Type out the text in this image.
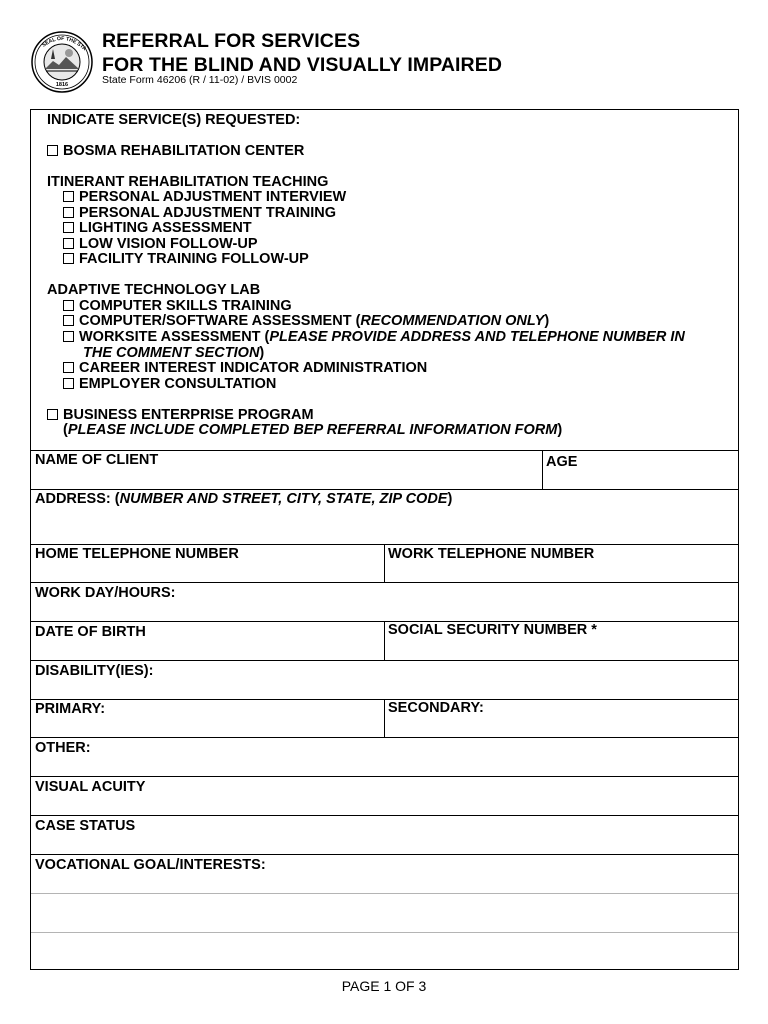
SEAL OF THE STA
1816
REFERRAL FOR SERVICES
FOR THE BLIND AND VISUALLY IMPAIRED
State Form 46206 (R / 11-02) / BVIS 0002
INDICATE SERVICE(S) REQUESTED:
BOSMA REHABILITATION CENTER
ITINERANT REHABILITATION TEACHING
PERSONAL ADJUSTMENT INTERVIEW
PERSONAL ADJUSTMENT TRAINING
LIGHTING ASSESSMENT
LOW VISION FOLLOW-UP
FACILITY TRAINING FOLLOW-UP
ADAPTIVE TECHNOLOGY LAB
COMPUTER SKILLS TRAINING
COMPUTER/SOFTWARE ASSESSMENT (RECOMMENDATION ONLY)
WORKSITE ASSESSMENT (PLEASE PROVIDE ADDRESS AND TELEPHONE NUMBER IN
THE COMMENT SECTION)
CAREER INTEREST INDICATOR ADMINISTRATION
EMPLOYER CONSULTATION
BUSINESS ENTERPRISE PROGRAM
(PLEASE INCLUDE COMPLETED BEP REFERRAL INFORMATION FORM)
NAME OF CLIENT	AGE
ADDRESS: (NUMBER AND STREET, CITY, STATE, ZIP CODE)
HOME TELEPHONE NUMBER	WORK TELEPHONE NUMBER
WORK DAY/HOURS:
DATE OF BIRTH	SOCIAL SECURITY NUMBER *
DISABILITY(IES):
PRIMARY:	SECONDARY:
OTHER:
VISUAL ACUITY
CASE STATUS
VOCATIONAL GOAL/INTERESTS:
PAGE 1 OF 3
